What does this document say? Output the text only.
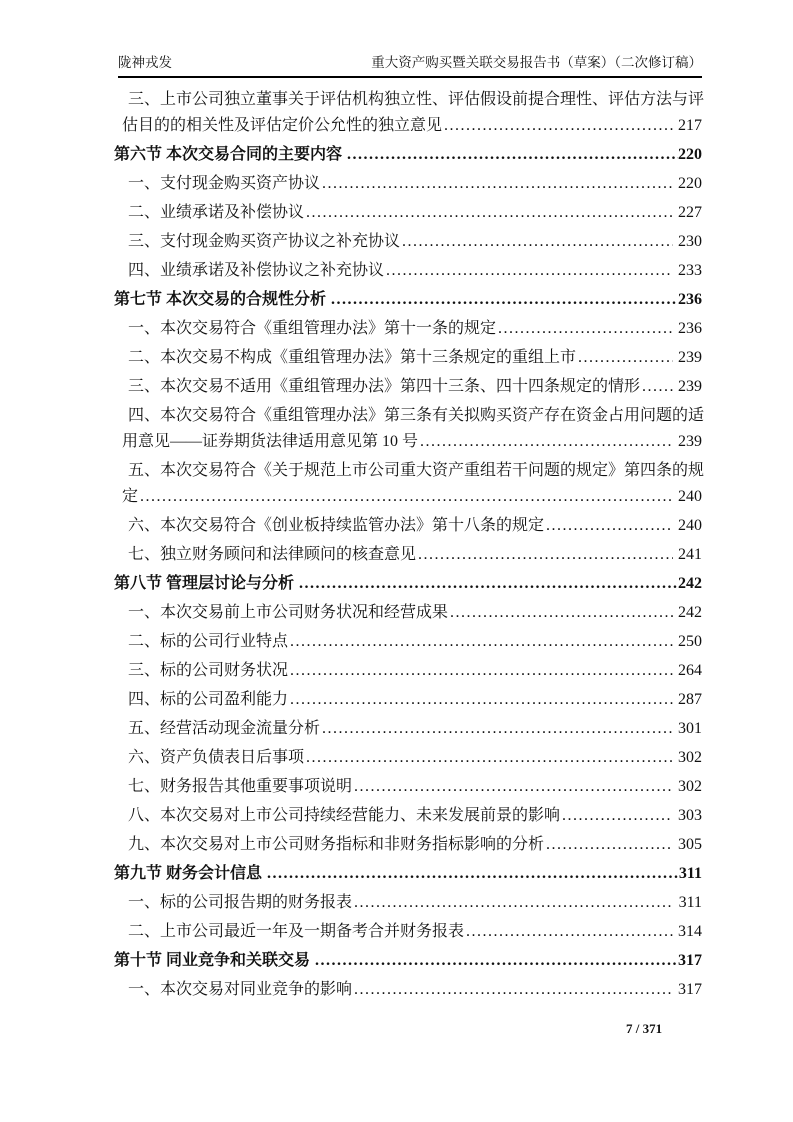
陇神戎发	重大资产购买暨关联交易报告书（草案）（二次修订稿）
三、上市公司独立董事关于评估机构独立性、评估假设前提合理性、评估方法与评
估目的的相关性及评估定价公允性的独立意见 .....	217
第六节 本次交易合同的主要内容 .....	220
一、支付现金购买资产协议 .....	220
二、业绩承诺及补偿协议 .....	227
三、支付现金购买资产协议之补充协议 .....	230
四、业绩承诺及补偿协议之补充协议 .....	233
第七节 本次交易的合规性分析 .....	236
一、本次交易符合《重组管理办法》第十一条的规定 .....	236
二、本次交易不构成《重组管理办法》第十三条规定的重组上市 .....	239
三、本次交易不适用《重组管理办法》第四十三条、四十四条规定的情形 ..... 239
四、本次交易符合《重组管理办法》第三条有关拟购买资产存在资金占用问题的适
用意见——证券期货法律适用意见第 10 号 .....	239
五、本次交易符合《关于规范上市公司重大资产重组若干问题的规定》第四条的规
定 .....	240
六、本次交易符合《创业板持续监管办法》第十八条的规定 .....	240
七、独立财务顾问和法律顾问的核查意见 .....	241
第八节 管理层讨论与分析 .....	242
一、本次交易前上市公司财务状况和经营成果 .....	242
二、标的公司行业特点 .....	250
三、标的公司财务状况 .....	264
四、标的公司盈利能力 .....	287
五、经营活动现金流量分析 .....	301
六、资产负债表日后事项 .....	302
七、财务报告其他重要事项说明 .....	302
八、本次交易对上市公司持续经营能力、未来发展前景的影响 .....	303
九、本次交易对上市公司财务指标和非财务指标影响的分析 .....	305
第九节 财务会计信息 .....	311
一、标的公司报告期的财务报表 .....	311
二、上市公司最近一年及一期备考合并财务报表 .....	314
第十节 同业竞争和关联交易 .....	317
一、本次交易对同业竞争的影响 .....	317
7 / 371
